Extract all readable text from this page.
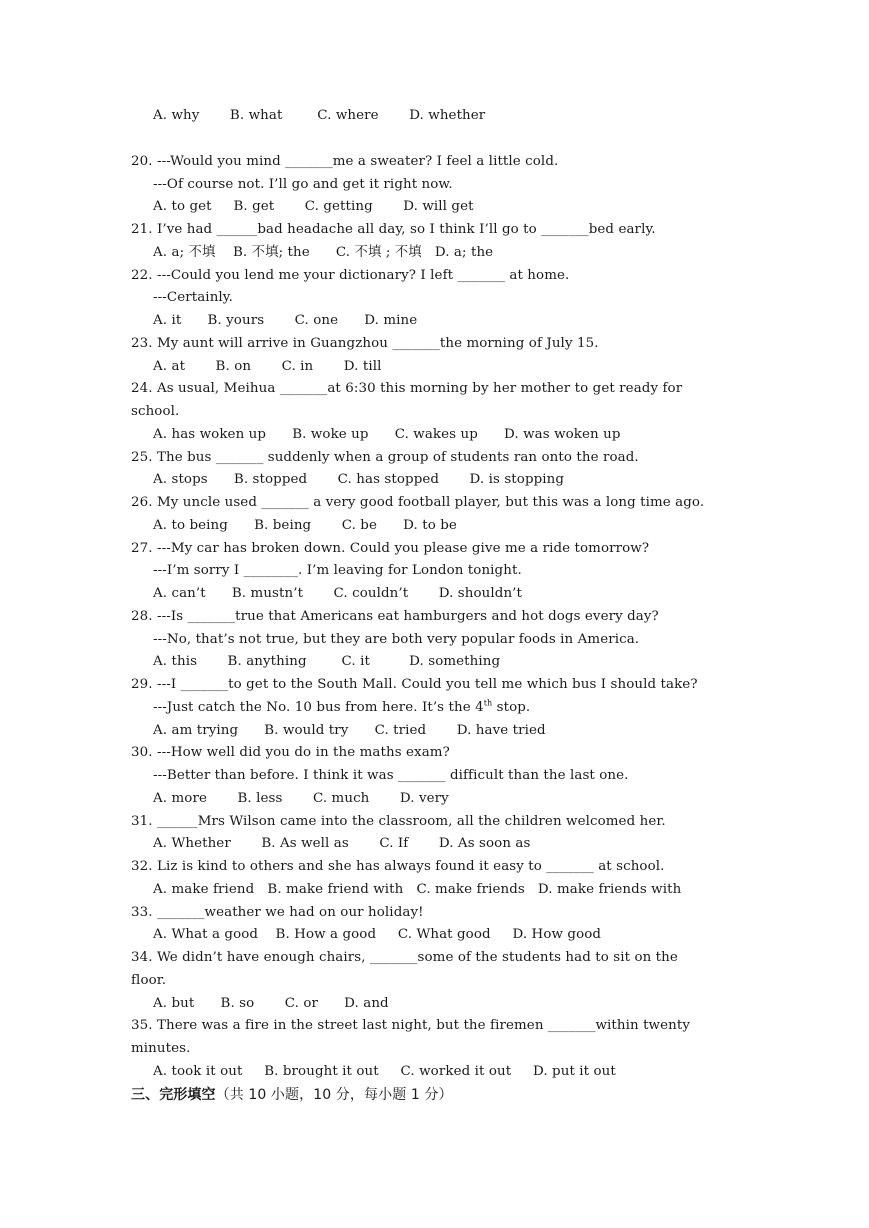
A. why       B. what        C. where       D. whether
20. ---Would you mind _______me a sweater? I feel a little cold.
---Of course not. I’ll go and get it right now.
A. to get     B. get       C. getting       D. will get
21. I’ve had ______bad headache all day, so I think I’ll go to _______bed early.
A. a; 不填    B. 不填; the      C. 不填 ; 不填   D. a; the
22. ---Could you lend me your dictionary? I left _______ at home.
---Certainly.
A. it      B. yours       C. one      D. mine
23. My aunt will arrive in Guangzhou _______the morning of July 15.
A. at       B. on       C. in       D. till
24. As usual, Meihua _______at 6:30 this morning by her mother to get ready for
school.
A. has woken up      B. woke up      C. wakes up      D. was woken up
25. The bus _______ suddenly when a group of students ran onto the road.
A. stops      B. stopped       C. has stopped       D. is stopping
26. My uncle used _______ a very good football player, but this was a long time ago.
A. to being      B. being       C. be      D. to be
27. ---My car has broken down. Could you please give me a ride tomorrow?
---I’m sorry I ________. I’m leaving for London tonight.
A. can’t      B. mustn’t       C. couldn’t       D. shouldn’t
28. ---Is _______true that Americans eat hamburgers and hot dogs every day?
---No, that’s not true, but they are both very popular foods in America.
A. this       B. anything        C. it         D. something
29. ---I _______to get to the South Mall. Could you tell me which bus I should take?
---Just catch the No. 10 bus from here. It’s the 4th stop.
A. am trying      B. would try      C. tried       D. have tried
30. ---How well did you do in the maths exam?
---Better than before. I think it was _______ difficult than the last one.
A. more       B. less       C. much       D. very
31. ______Mrs Wilson came into the classroom, all the children welcomed her.
A. Whether       B. As well as       C. If       D. As soon as
32. Liz is kind to others and she has always found it easy to _______ at school.
A. make friend   B. make friend with   C. make friends   D. make friends with
33. _______weather we had on our holiday!
A. What a good    B. How a good     C. What good     D. How good
34. We didn’t have enough chairs, _______some of the students had to sit on the
floor.
A. but      B. so       C. or      D. and
35. There was a fire in the street last night, but the firemen _______within twenty
minutes.
A. took it out     B. brought it out     C. worked it out     D. put it out
三、完形填空（共 10 小题，10 分，每小题 1 分）
